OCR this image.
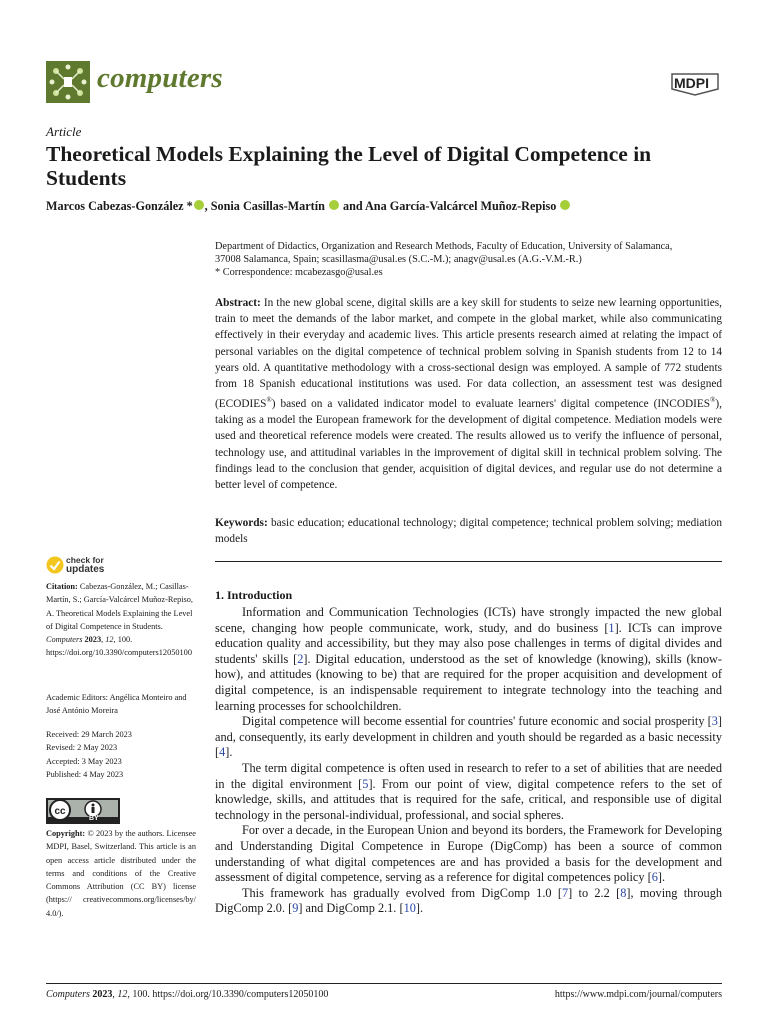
computers	MDPI
Article
Theoretical Models Explaining the Level of Digital Competence in Students
Marcos Cabezas-González * , Sonia Casillas-Martín and Ana García-Valcárcel Muñoz-Repiso
Department of Didactics, Organization and Research Methods, Faculty of Education, University of Salamanca,
37008 Salamanca, Spain; scasillasma@usal.es (S.C.-M.); anagv@usal.es (A.G.-V.M.-R.)
* Correspondence: mcabezasgo@usal.es
Abstract: In the new global scene, digital skills are a key skill for students to seize new learning opportunities, train to meet the demands of the labor market, and compete in the global market, while also communicating effectively in their everyday and academic lives. This article presents research aimed at relating the impact of personal variables on the digital competence of technical problem solving in Spanish students from 12 to 14 years old. A quantitative methodology with a cross-sectional design was employed. A sample of 772 students from 18 Spanish educational institutions was used. For data collection, an assessment test was designed (ECODIES®) based on a validated indicator model to evaluate learners' digital competence (INCODIES®), taking as a model the European framework for the development of digital competence. Mediation models were used and theoretical reference models were created. The results allowed us to verify the influence of personal, technology use, and attitudinal variables in the improvement of digital skill in technical problem solving. The findings lead to the conclusion that gender, acquisition of digital devices, and regular use do not determine a better level of competence.
Keywords: basic education; educational technology; digital competence; technical problem solving; mediation models
check for
updates
Citation: Cabezas-González, M.; Casillas-Martín, S.; García-Valcárcel Muñoz-Repiso, A. Theoretical Models Explaining the Level of Digital Competence in Students. Computers 2023, 12, 100. https://doi.org/10.3390/computers12050100
Academic Editors: Angélica Monteiro and José António Moreira
Received: 29 March 2023
Revised: 2 May 2023
Accepted: 3 May 2023
Published: 4 May 2023
cc
BY
Copyright: © 2023 by the authors. Licensee MDPI, Basel, Switzerland. This article is an open access article distributed under the terms and conditions of the Creative Commons Attribution (CC BY) license (https:// creativecommons.org/licenses/by/ 4.0/).
1. Introduction

Information and Communication Technologies (ICTs) have strongly impacted the new global scene, changing how people communicate, work, study, and do business [1]. ICTs can improve education quality and accessibility, but they may also pose challenges in terms of digital divides and students' skills [2]. Digital education, understood as the set of knowledge (knowing), skills (know-how), and attitudes (knowing to be) that are required for the proper acquisition and development of digital competence, is an indispensable requirement to integrate technology into the teaching and learning processes for schoolchildren.

Digital competence will become essential for countries' future economic and social prosperity [3] and, consequently, its early development in children and youth should be regarded as a basic necessity [4].

The term digital competence is often used in research to refer to a set of abilities that are needed in the digital environment [5]. From our point of view, digital competence refers to the set of knowledge, skills, and attitudes that is required for the safe, critical, and responsible use of digital technology in the personal-individual, professional, and social spheres.

For over a decade, in the European Union and beyond its borders, the Framework for Developing and Understanding Digital Competence in Europe (DigComp) has been a source of common understanding of what digital competences are and has provided a basis for the development and assessment of digital competence, serving as a reference for digital competences policy [6].

This framework has gradually evolved from DigComp 1.0 [7] to 2.2 [8], moving through DigComp 2.0. [9] and DigComp 2.1. [10].

Computers 2023, 12, 100. https://doi.org/10.3390/computers12050100	https://www.mdpi.com/journal/computers
